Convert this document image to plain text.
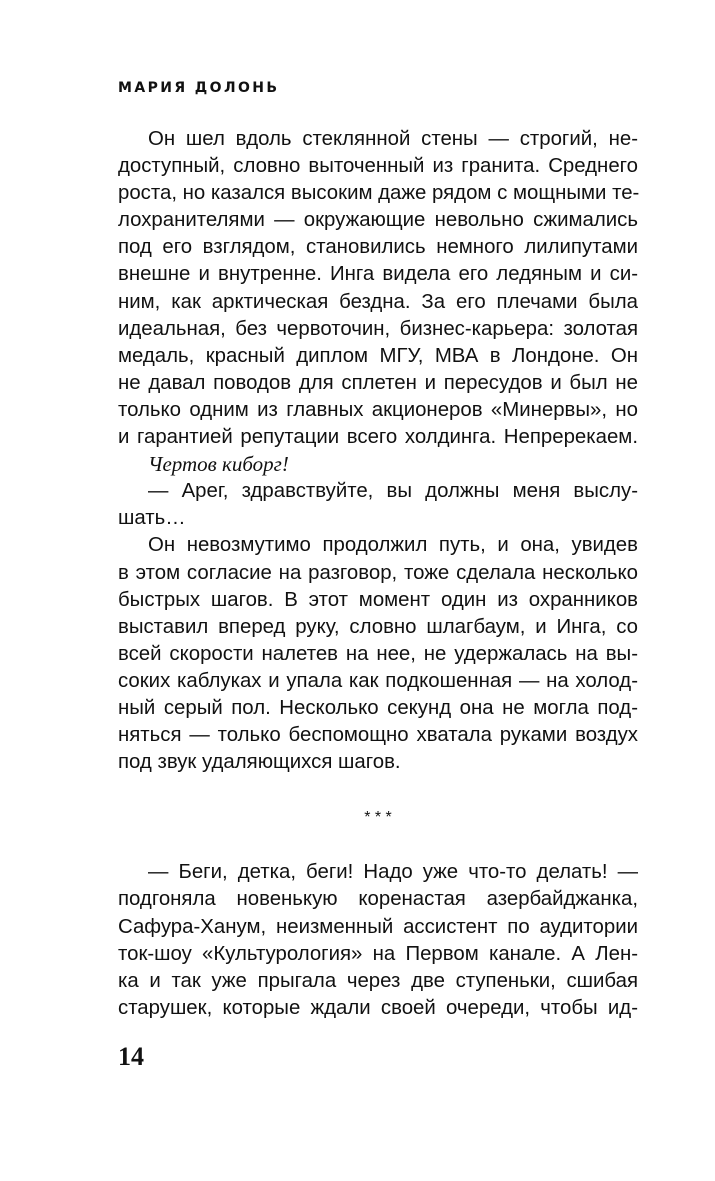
МАРИЯ ДОЛОНЬ
Он шел вдоль стеклянной стены — строгий, не-
доступный, словно выточенный из гранита. Среднего
роста, но казался высоким даже рядом с мощными те-
лохранителями — окружающие невольно сжимались
под его взглядом, становились немного лилипутами
внешне и внутренне. Инга видела его ледяным и си-
ним, как арктическая бездна. За его плечами была
идеальная, без червоточин, бизнес-карьера: золотая
медаль, красный диплом МГУ, МВА в Лондоне. Он
не давал поводов для сплетен и пересудов и был не
только одним из главных акционеров «Минервы», но
и гарантией репутации всего холдинга. Непререкаем.
Чертов киборг!
— Арег, здравствуйте, вы должны меня выслу-
шать…
Он невозмутимо продолжил путь, и она, увидев
в этом согласие на разговор, тоже сделала несколько
быстрых шагов. В этот момент один из охранников
выставил вперед руку, словно шлагбаум, и Инга, со
всей скорости налетев на нее, не удержалась на вы-
соких каблуках и упала как подкошенная — на холод-
ный серый пол. Несколько секунд она не могла под-
няться — только беспомощно хватала руками воздух
под звук удаляющихся шагов.
* * *
— Беги, детка, беги! Надо уже что-то делать! —
подгоняла новенькую коренастая азербайджанка,
Сафура-Ханум, неизменный ассистент по аудитории
ток-шоу «Культурология» на Первом канале. А Лен-
ка и так уже прыгала через две ступеньки, сшибая
старушек, которые ждали своей очереди, чтобы ид-
14
